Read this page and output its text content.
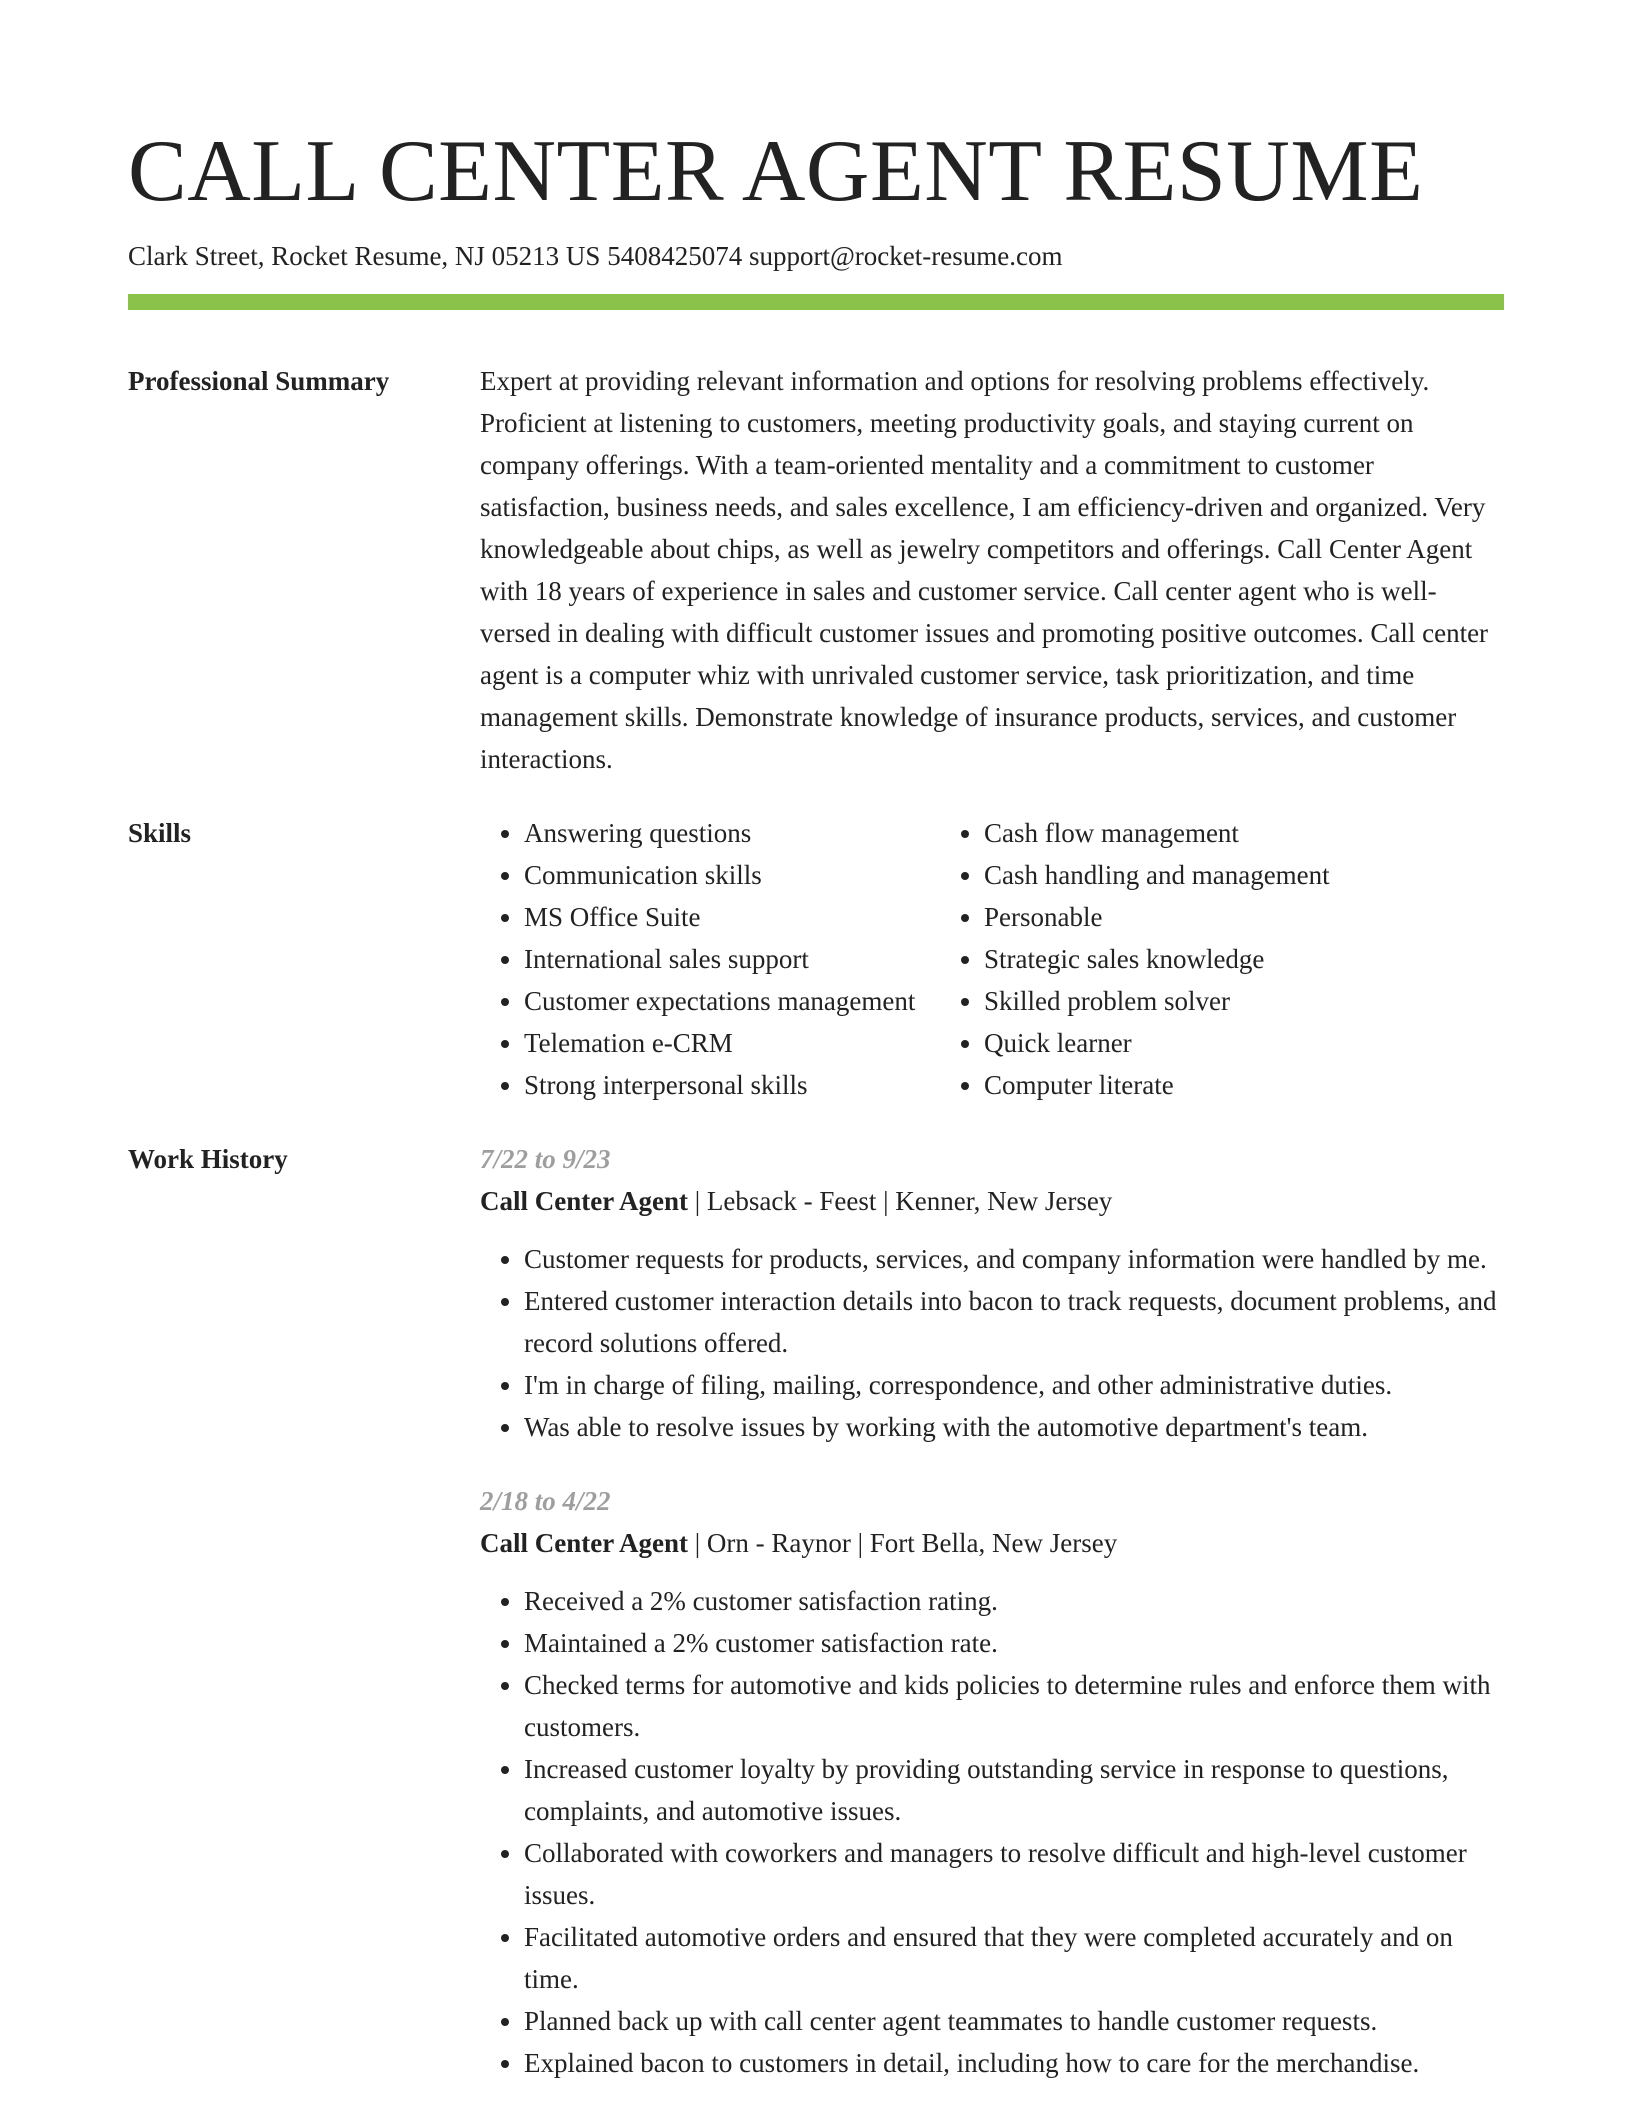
CALL CENTER AGENT RESUME
Clark Street, Rocket Resume, NJ 05213 US 5408425074 support@rocket-resume.com
Professional Summary	Expert at providing relevant information and options for resolving problems effectively. Proficient at listening to customers, meeting productivity goals, and staying current on company offerings. With a team-oriented mentality and a commitment to customer satisfaction, business needs, and sales excellence, I am efficiency-driven and organized. Very knowledgeable about chips, as well as jewelry competitors and offerings. Call Center Agent with 18 years of experience in sales and customer service. Call center agent who is well-versed in dealing with difficult customer issues and promoting positive outcomes. Call center agent is a computer whiz with unrivaled customer service, task prioritization, and time management skills. Demonstrate knowledge of insurance products, services, and customer interactions.
Skills
•	Answering questions
• Communication skills
• MS Office Suite
• International sales support
• Customer expectations management
• Telemation e-CRM
• Strong interpersonal skills
• Cash flow management
• Cash handling and management
• Personable
• Strategic sales knowledge
• Skilled problem solver
• Quick learner
• Computer literate
Work History	7/22 to 9/23
Call Center Agent | Lebsack - Feest | Kenner, New Jersey
• Customer requests for products, services, and company information were handled by me.
• Entered customer interaction details into bacon to track requests, document problems, and record solutions offered.
• I'm in charge of filing, mailing, correspondence, and other administrative duties.
• Was able to resolve issues by working with the automotive department's team.
2/18 to 4/22
Call Center Agent | Orn - Raynor | Fort Bella, New Jersey
• Received a 2% customer satisfaction rating.
• Maintained a 2% customer satisfaction rate.
• Checked terms for automotive and kids policies to determine rules and enforce them with customers.
• Increased customer loyalty by providing outstanding service in response to questions, complaints, and automotive issues.
• Collaborated with coworkers and managers to resolve difficult and high-level customer issues.
• Facilitated automotive orders and ensured that they were completed accurately and on time.
• Planned back up with call center agent teammates to handle customer requests.
• Explained bacon to customers in detail, including how to care for the merchandise.
